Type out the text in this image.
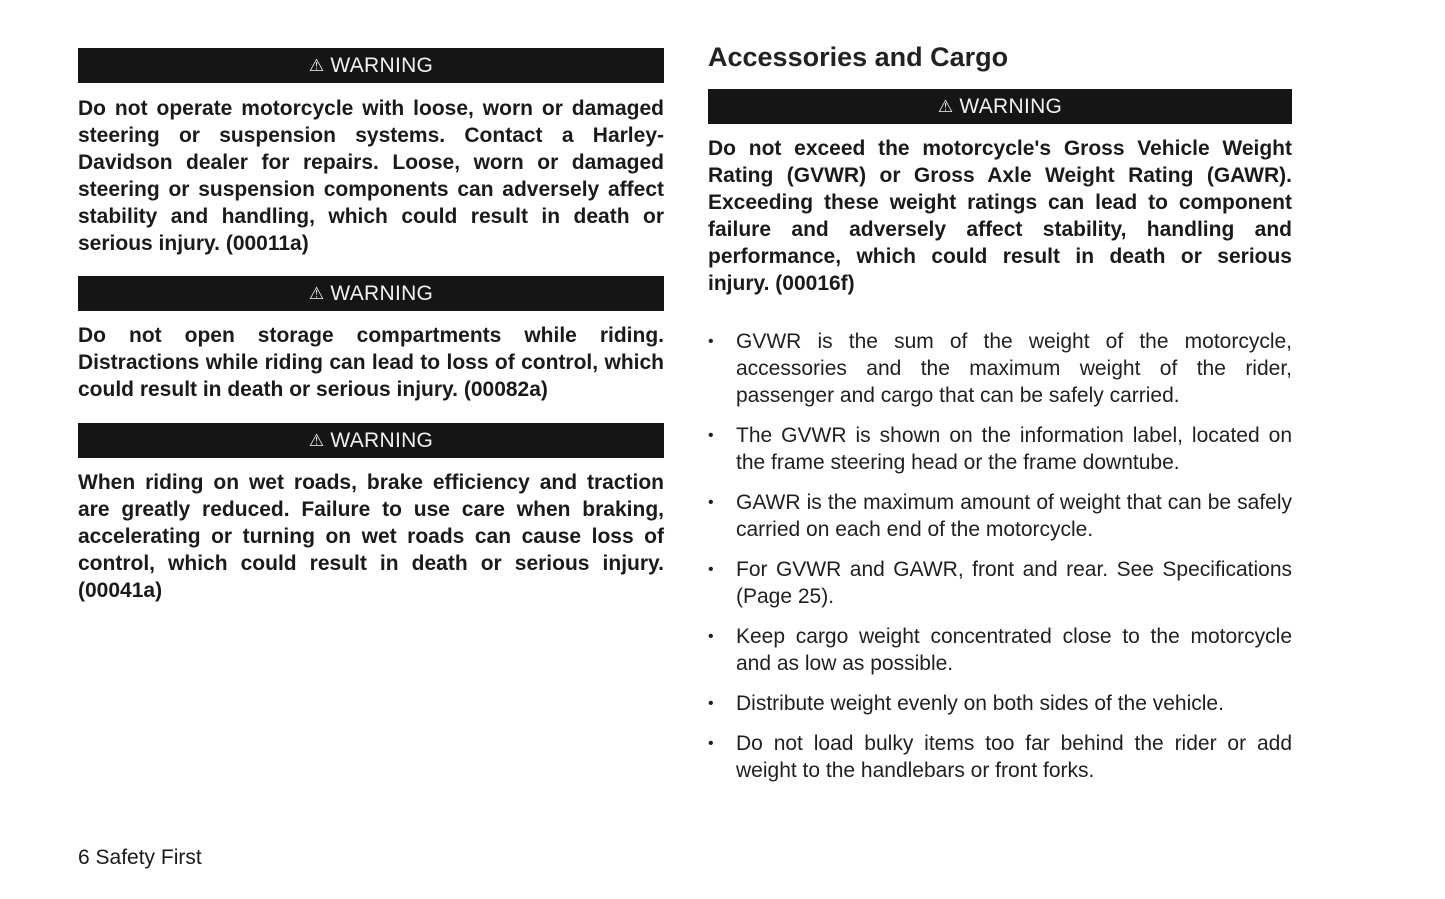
⚠ WARNING

Do not operate motorcycle with loose, worn or damaged steering or suspension systems. Contact a Harley-Davidson dealer for repairs. Loose, worn or damaged steering or suspension components can adversely affect stability and handling, which could result in death or serious injury. (00011a)

⚠ WARNING

Do not open storage compartments while riding. Distractions while riding can lead to loss of control, which could result in death or serious injury. (00082a)

⚠ WARNING

When riding on wet roads, brake efficiency and traction are greatly reduced. Failure to use care when braking, accelerating or turning on wet roads can cause loss of control, which could result in death or serious injury. (00041a)

Accessories and Cargo
⚠ WARNING

Do not exceed the motorcycle's Gross Vehicle Weight Rating (GVWR) or Gross Axle Weight Rating (GAWR). Exceeding these weight ratings can lead to component failure and adversely affect stability, handling and performance, which could result in death or serious injury. (00016f)

• GVWR is the sum of the weight of the motorcycle, accessories and the maximum weight of the rider, passenger and cargo that can be safely carried.
• The GVWR is shown on the information label, located on the frame steering head or the frame downtube.
• GAWR is the maximum amount of weight that can be safely carried on each end of the motorcycle.
• For GVWR and GAWR, front and rear. See Specifications (Page 25).
• Keep cargo weight concentrated close to the motorcycle and as low as possible.
• Distribute weight evenly on both sides of the vehicle.
• Do not load bulky items too far behind the rider or add weight to the handlebars or front forks.
6 Safety First
